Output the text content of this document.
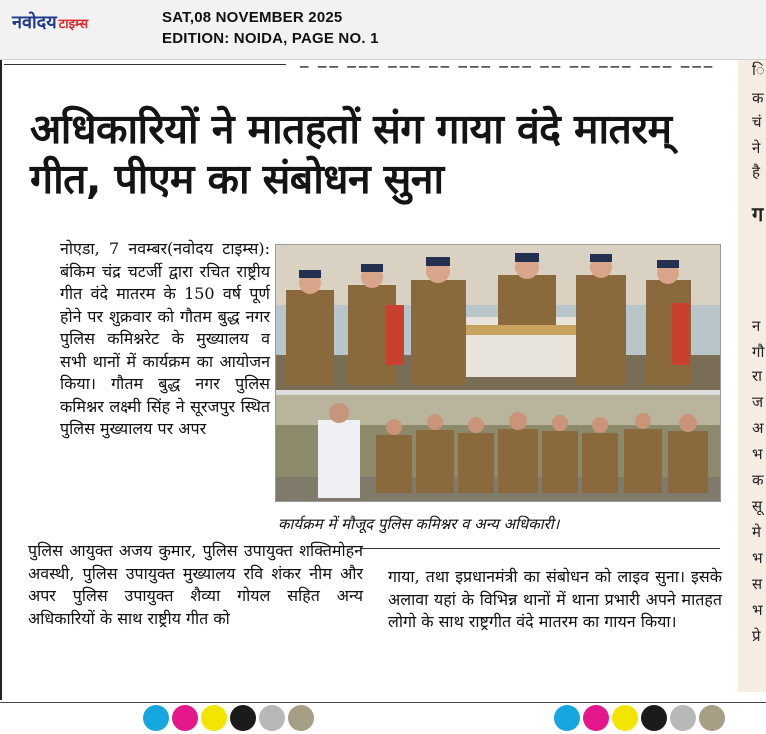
नवोदय टाइम्स	SAT,08 NOVEMBER 2025
EDITION: NOIDA, PAGE NO. 1
▁ ▁▁ ▁▁▁ ▁▁▁ ▁▁ ▁▁▁ ▁▁▁ ▁▁ ▁▁ ▁▁▁ ▁▁▁ ▁▁▁
अधिकारियों ने मातहतों संग गाया वंदे मातरम् गीत, पीएम का संबोधन सुना
नोएडा, 7 नवम्बर(नवोदय टाइम्स): बंकिम चंद्र चटर्जी द्वारा रचित राष्ट्रीय गीत वंदे मातरम के 150 वर्ष पूर्ण होने पर शुक्रवार को गौतम बुद्ध नगर पुलिस कमिश्नरेट के मुख्यालय व सभी थानों में कार्यक्रम का आयोजन किया। गौतम बुद्ध नगर पुलिस कमिश्नर लक्ष्मी सिंह ने सूरजपुर स्थित पुलिस मुख्यालय पर अपर
कार्यक्रम में मौजूद पुलिस कमिश्नर व अन्य अधिकारी।
पुलिस आयुक्त अजय कुमार, पुलिस उपायुक्त शक्तिमोहन अवस्थी, पुलिस उपायुक्त मुख्यालय रवि शंकर नीम और अपर पुलिस उपायुक्त शैव्या गोयल सहित अन्य अधिकारियों के साथ राष्ट्रीय गीत को
गाया, तथा इप्रधानमंत्री का संबोधन को लाइव सुना। इसके अलावा यहां के विभिन्न थानों में थाना प्रभारी अपने मातहत लोगो के साथ राष्ट्रगीत वंदे मातरम का गायन किया।
ि
क
चं
ने
है
ग
न
गौ
रा
ज
अ
भ
क
सू
मे
भ
स
भ
प्रे
